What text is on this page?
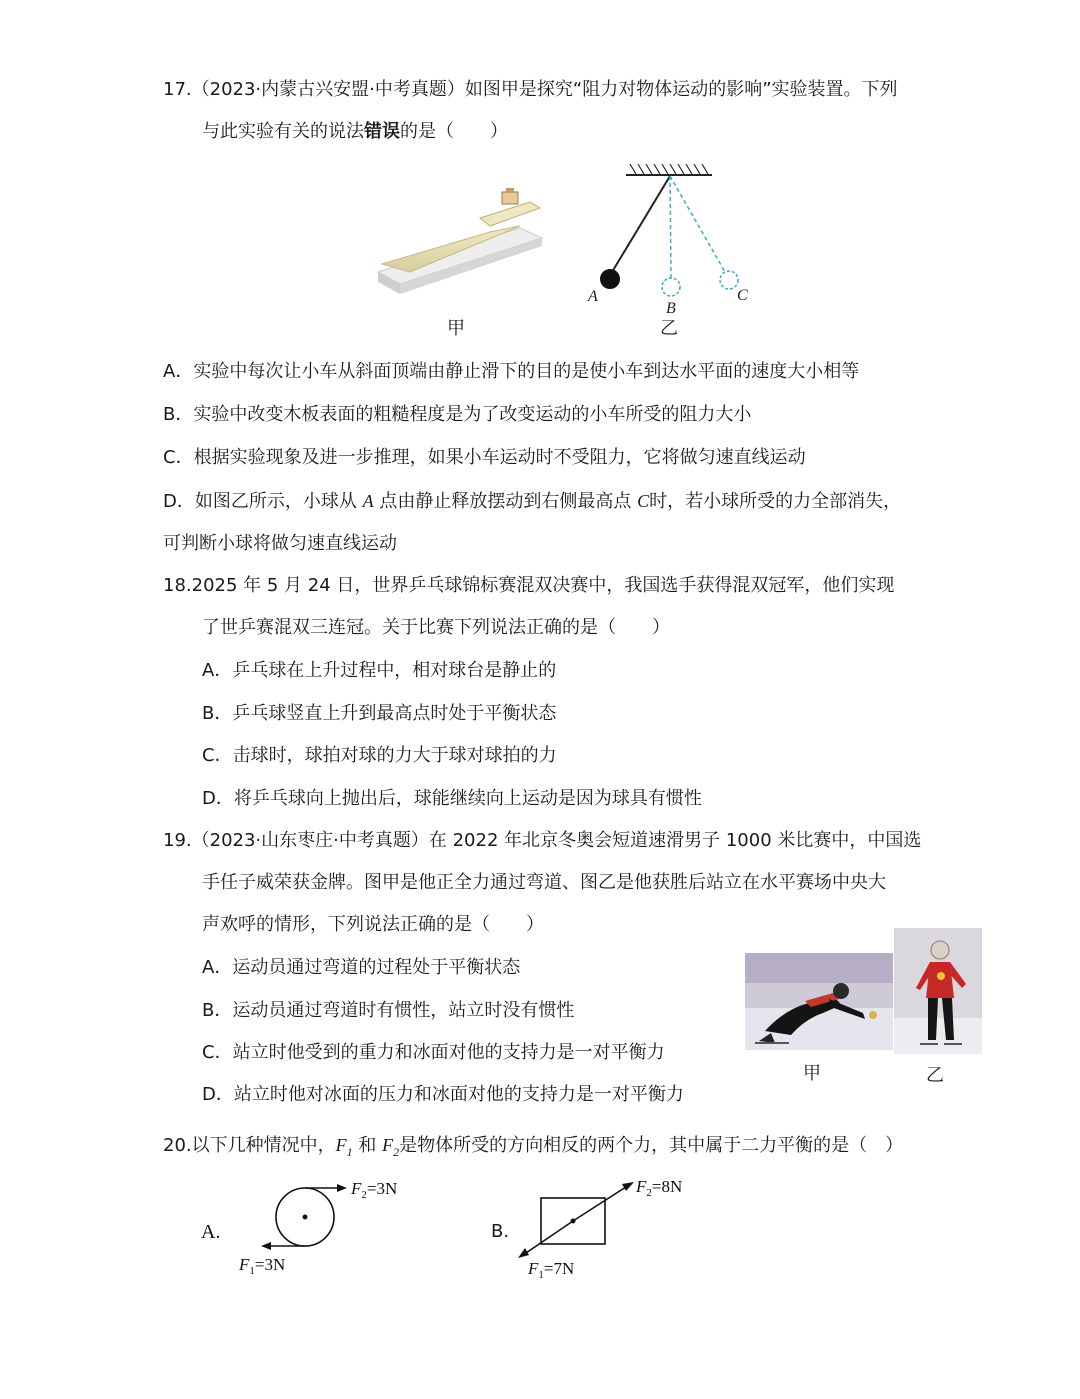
17.（2023·内蒙古兴安盟·中考真题）如图甲是探究“阻力对物体运动的影响”实验装置。下列
与此实验有关的说法错误的是（　　）
甲
A
B
C
乙
A．实验中每次让小车从斜面顶端由静止滑下的目的是使小车到达水平面的速度大小相等
B．实验中改变木板表面的粗糙程度是为了改变运动的小车所受的阻力大小
C．根据实验现象及进一步推理，如果小车运动时不受阻力，它将做匀速直线运动
D．如图乙所示，小球从 A 点由静止释放摆动到右侧最高点 C时，若小球所受的力全部消失，
可判断小球将做匀速直线运动
18.2025 年 5 月 24 日，世界乒乓球锦标赛混双决赛中，我国选手获得混双冠军，他们实现
了世乒赛混双三连冠。关于比赛下列说法正确的是（　　）
A．乒乓球在上升过程中，相对球台是静止的
B．乒乓球竖直上升到最高点时处于平衡状态
C．击球时，球拍对球的力大于球对球拍的力
D．将乒乓球向上抛出后，球能继续向上运动是因为球具有惯性
19.（2023·山东枣庄·中考真题）在 2022 年北京冬奥会短道速滑男子 1000 米比赛中，中国选
手任子威荣获金牌。图甲是他正全力通过弯道、图乙是他获胜后站立在水平赛场中央大
声欢呼的情形，下列说法正确的是（　　）
A．运动员通过弯道的过程处于平衡状态
B．运动员通过弯道时有惯性，站立时没有惯性
C．站立时他受到的重力和冰面对他的支持力是一对平衡力
D．站立时他对冰面的压力和冰面对他的支持力是一对平衡力
甲	乙
20.以下几种情况中，$F_1$ 和 $F_2$是物体所受的方向相反的两个力，其中属于二力平衡的是（　）
A.
$F_2=3N$
$F_1=3N$
B.
$F_2=8N$
$F_1=7N$
